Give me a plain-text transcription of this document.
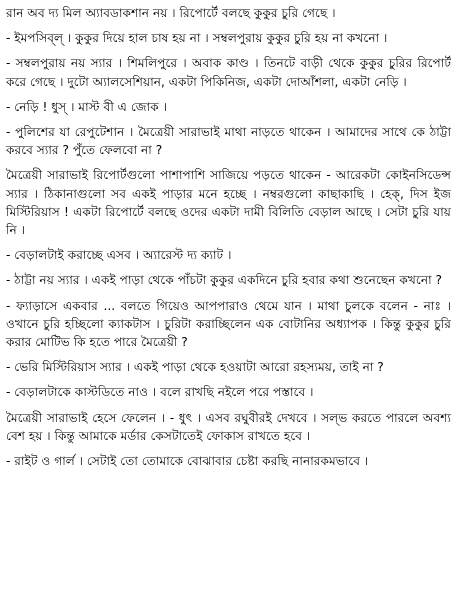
রান অব দ্য মিল অ্যাবডাকশান নয় । রিপোর্টে বলছে কুকুর চুরি গেছে ।

- ইমপসিব্‌ল্‌ । কুকুর দিয়ে হাল চাষ হয় না । সম্বলপুরায় কুকুর চুরি হয় না কখনো ।

- সম্বলপুরায় নয় স্যার । শিমলিপুরে । অবাক কাণ্ড । তিনটে বাড়ী থেকে কুকুর চুরির রিপোর্ট করে গেছে । দুটো অ্যালসেশিয়ান, একটা পিকিনিজ, একটা দোআঁশলা, একটা নেড়ি ।

- নেড়ি ! ধুস্‌ । মাস্ট বী এ জোক ।

- পুলিশের যা রেপুটেশান । মৈত্রেয়ী সারাভাই মাথা নাড়তে থাকেন । আমাদের সাথে কে ঠাট্টা করবে স্যার ? পুঁতে ফেলবো না ?

মৈত্রেয়ী সারাভাই রিপোর্টগুলো পাশাপাশি সাজিয়ে পড়তে থাকেন - আরেকটা কোইনসিডেন্স স্যার । ঠিকানাগুলো সব একই পাড়ার মনে হচ্ছে । নম্বরগুলো কাছাকাছি । হেক্‌, দিস ইজ মিস্টিরিয়াস ! একটা রিপোর্টে বলছে ওদের একটা দামী বিলিতি বেড়াল আছে । সেটা চুরি যায় নি ।

- বেড়ালটাই করাচ্ছে এসব । অ্যারেস্ট দ্য ক্যাট ।

- ঠাট্টা নয় স্যার । একই পাড়া থেকে পাঁচটা কুকুর একদিনে চুরি হবার কথা শুনেছেন কখনো ?

- ফ্যাড়াসে একবার ... বলতে গিয়েও আপপারাও থেমে যান । মাথা চুলকে বলেন - নাঃ । ওখানে চুরি হচ্ছিলো ক্যাকটাস । চুরিটা করাচ্ছিলেন এক বোটানির অধ্যাপক । কিন্তু কুকুর চুরি করার মোটিভ কি হতে পারে মৈত্রেয়ী ?

- ভেরি মিস্টিরিয়াস স্যার । একই পাড়া থেকে হওয়াটা আরো রহস্যময়, তাই না ?

- বেড়ালটাকে কাস্টডিতে নাও । বলে রাখছি নইলে পরে পস্তাবে ।

মৈত্রেয়ী সারাভাই হেসে ফেলেন । - ধুৎ । এসব রঘুবীরই দেখবে । সল্ভ করতে পারলে অবশ্য বেশ হয় । কিন্তু আমাকে মর্ডার কেসটাতেই ফোকাস রাখতে হবে ।

- রাইট ও গার্ল । সেটাই তো তোমাকে বোঝাবার চেষ্টা করছি নানারকমভাবে ।
